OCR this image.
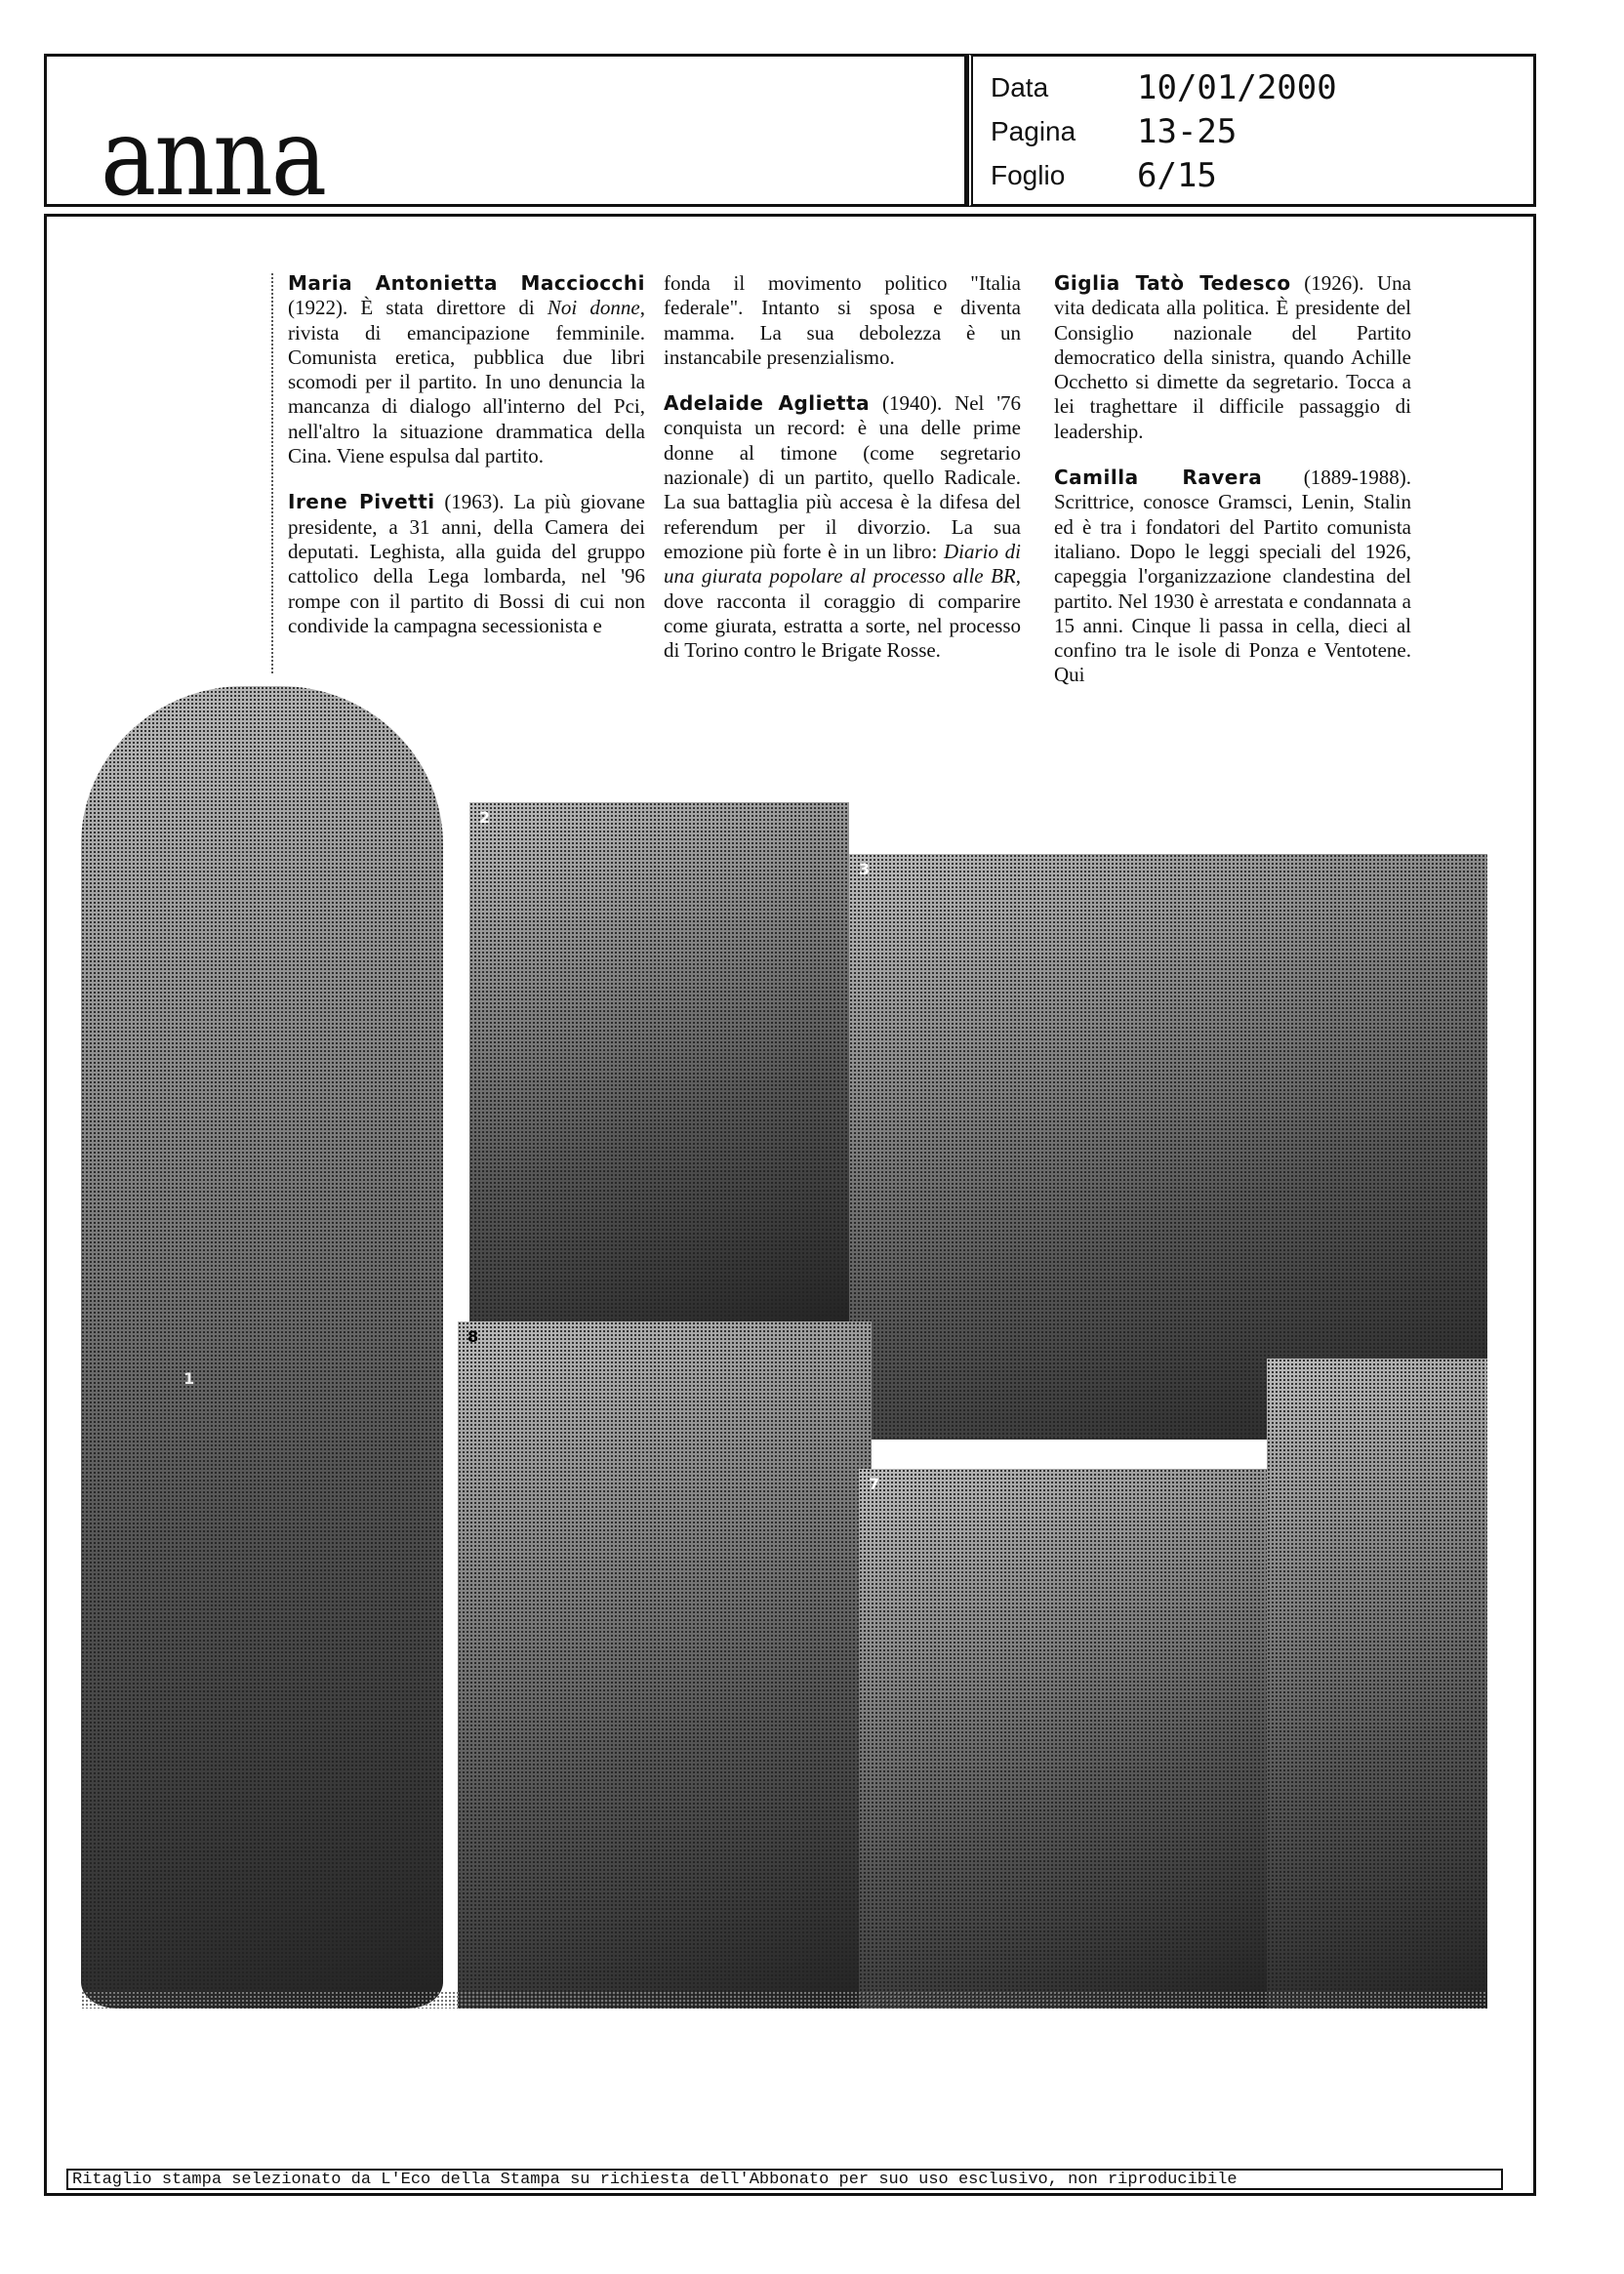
anna
Data	10/01/2000
Pagina	13-25
Foglio	6/15

Maria Antonietta Macciocchi (1922). È stata direttore di Noi donne, rivista di emancipazione femminile. Comunista eretica, pubblica due libri scomodi per il partito. In uno denuncia la mancanza di dialogo all'interno del Pci, nell'altro la situazione drammatica della Cina. Viene espulsa dal partito.

Irene Pivetti (1963). La più giovane presidente, a 31 anni, della Camera dei deputati. Leghista, alla guida del gruppo cattolico della Lega lombarda, nel '96 rompe con il partito di Bossi di cui non condivide la campagna secessionista e

fonda il movimento politico "Italia federale". Intanto si sposa e diventa mamma. La sua debolezza è un instancabile presenzialismo.

Adelaide Aglietta (1940). Nel '76 conquista un record: è una delle prime donne al timone (come segretario nazionale) di un partito, quello Radicale. La sua battaglia più accesa è la difesa del referendum per il divorzio. La sua emozione più forte è in un libro: Diario di una giurata popolare al processo alle BR, dove racconta il coraggio di comparire come giurata, estratta a sorte, nel processo di Torino contro le Brigate Rosse.

Giglia Tatò Tedesco (1926). Una vita dedicata alla politica. È presidente del Consiglio nazionale del Partito democratico della sinistra, quando Achille Occhetto si dimette da segretario. Tocca a lei traghettare il difficile passaggio di leadership.

Camilla Ravera (1889-1988). Scrittrice, conosce Gramsci, Lenin, Stalin ed è tra i fondatori del Partito comunista italiano. Dopo le leggi speciali del 1926, capeggia l'organizzazione clandestina del partito. Nel 1930 è arrestata e condannata a 15 anni. Cinque li passa in cella, dieci al confino tra le isole di Ponza e Ventotene. Qui

2
3
8
7
1
Ritaglio stampa selezionato da L'Eco della Stampa su richiesta dell'Abbonato per suo uso esclusivo, non riproducibile
